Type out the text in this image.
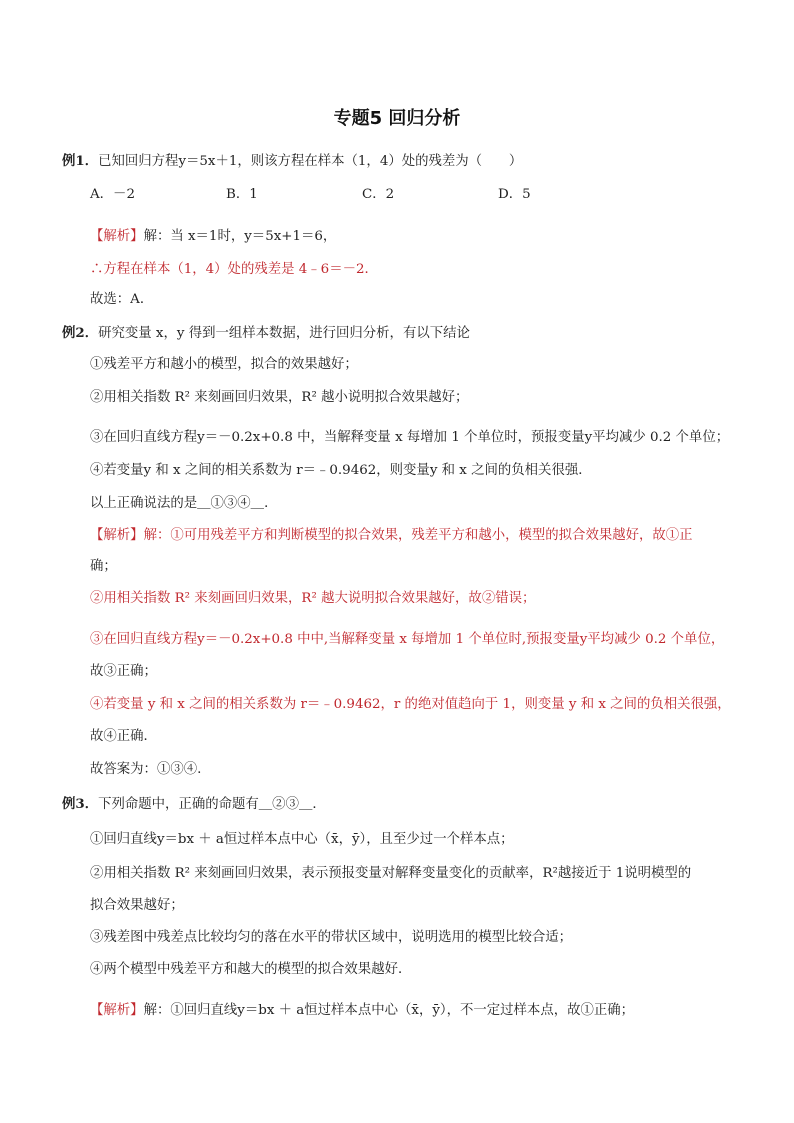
专题5 回归分析
例1．已知回归方程y＝5x＋1，则该方程在样本（1，4）处的残差为（　　）
A．－2	B．1	C．2	D．5
【解析】解：当 x＝1时，y＝5x+1＝6，
∴方程在样本（1，4）处的残差是 4﹣6＝－2．
故选：A．
例2．研究变量 x，y 得到一组样本数据，进行回归分析，有以下结论
①残差平方和越小的模型，拟合的效果越好；
②用相关指数 R² 来刻画回归效果，R² 越小说明拟合效果越好；
③在回归直线方程y＝－0.2x+0.8 中，当解释变量 x 每增加 1 个单位时，预报变量y平均减少 0.2 个单位；
④若变量y 和 x 之间的相关系数为 r＝﹣0.9462，则变量y 和 x 之间的负相关很强．
以上正确说法的是＿①③④＿．
【解析】解：①可用残差平方和判断模型的拟合效果，残差平方和越小，模型的拟合效果越好，故①正
确；
②用相关指数 R² 来刻画回归效果，R² 越大说明拟合效果越好，故②错误；
③在回归直线方程y＝－0.2x+0.8 中中,当解释变量 x 每增加 1 个单位时,预报变量y平均减少 0.2 个单位，
故③正确；
④若变量 y 和 x 之间的相关系数为 r＝﹣0.9462，r 的绝对值趋向于 1，则变量 y 和 x 之间的负相关很强，
故④正确．
故答案为：①③④.
例3．下列命题中，正确的命题有＿②③＿．
①回归直线y＝bx ＋ a恒过样本点中心（x̄，ȳ），且至少过一个样本点；
②用相关指数 R² 来刻画回归效果，表示预报变量对解释变量变化的贡献率，R²越接近于 1说明模型的
拟合效果越好；
③残差图中残差点比较均匀的落在水平的带状区域中，说明选用的模型比较合适；
④两个模型中残差平方和越大的模型的拟合效果越好．
【解析】解：①回归直线y＝bx ＋ a恒过样本点中心（x̄，ȳ），不一定过样本点，故①正确；
